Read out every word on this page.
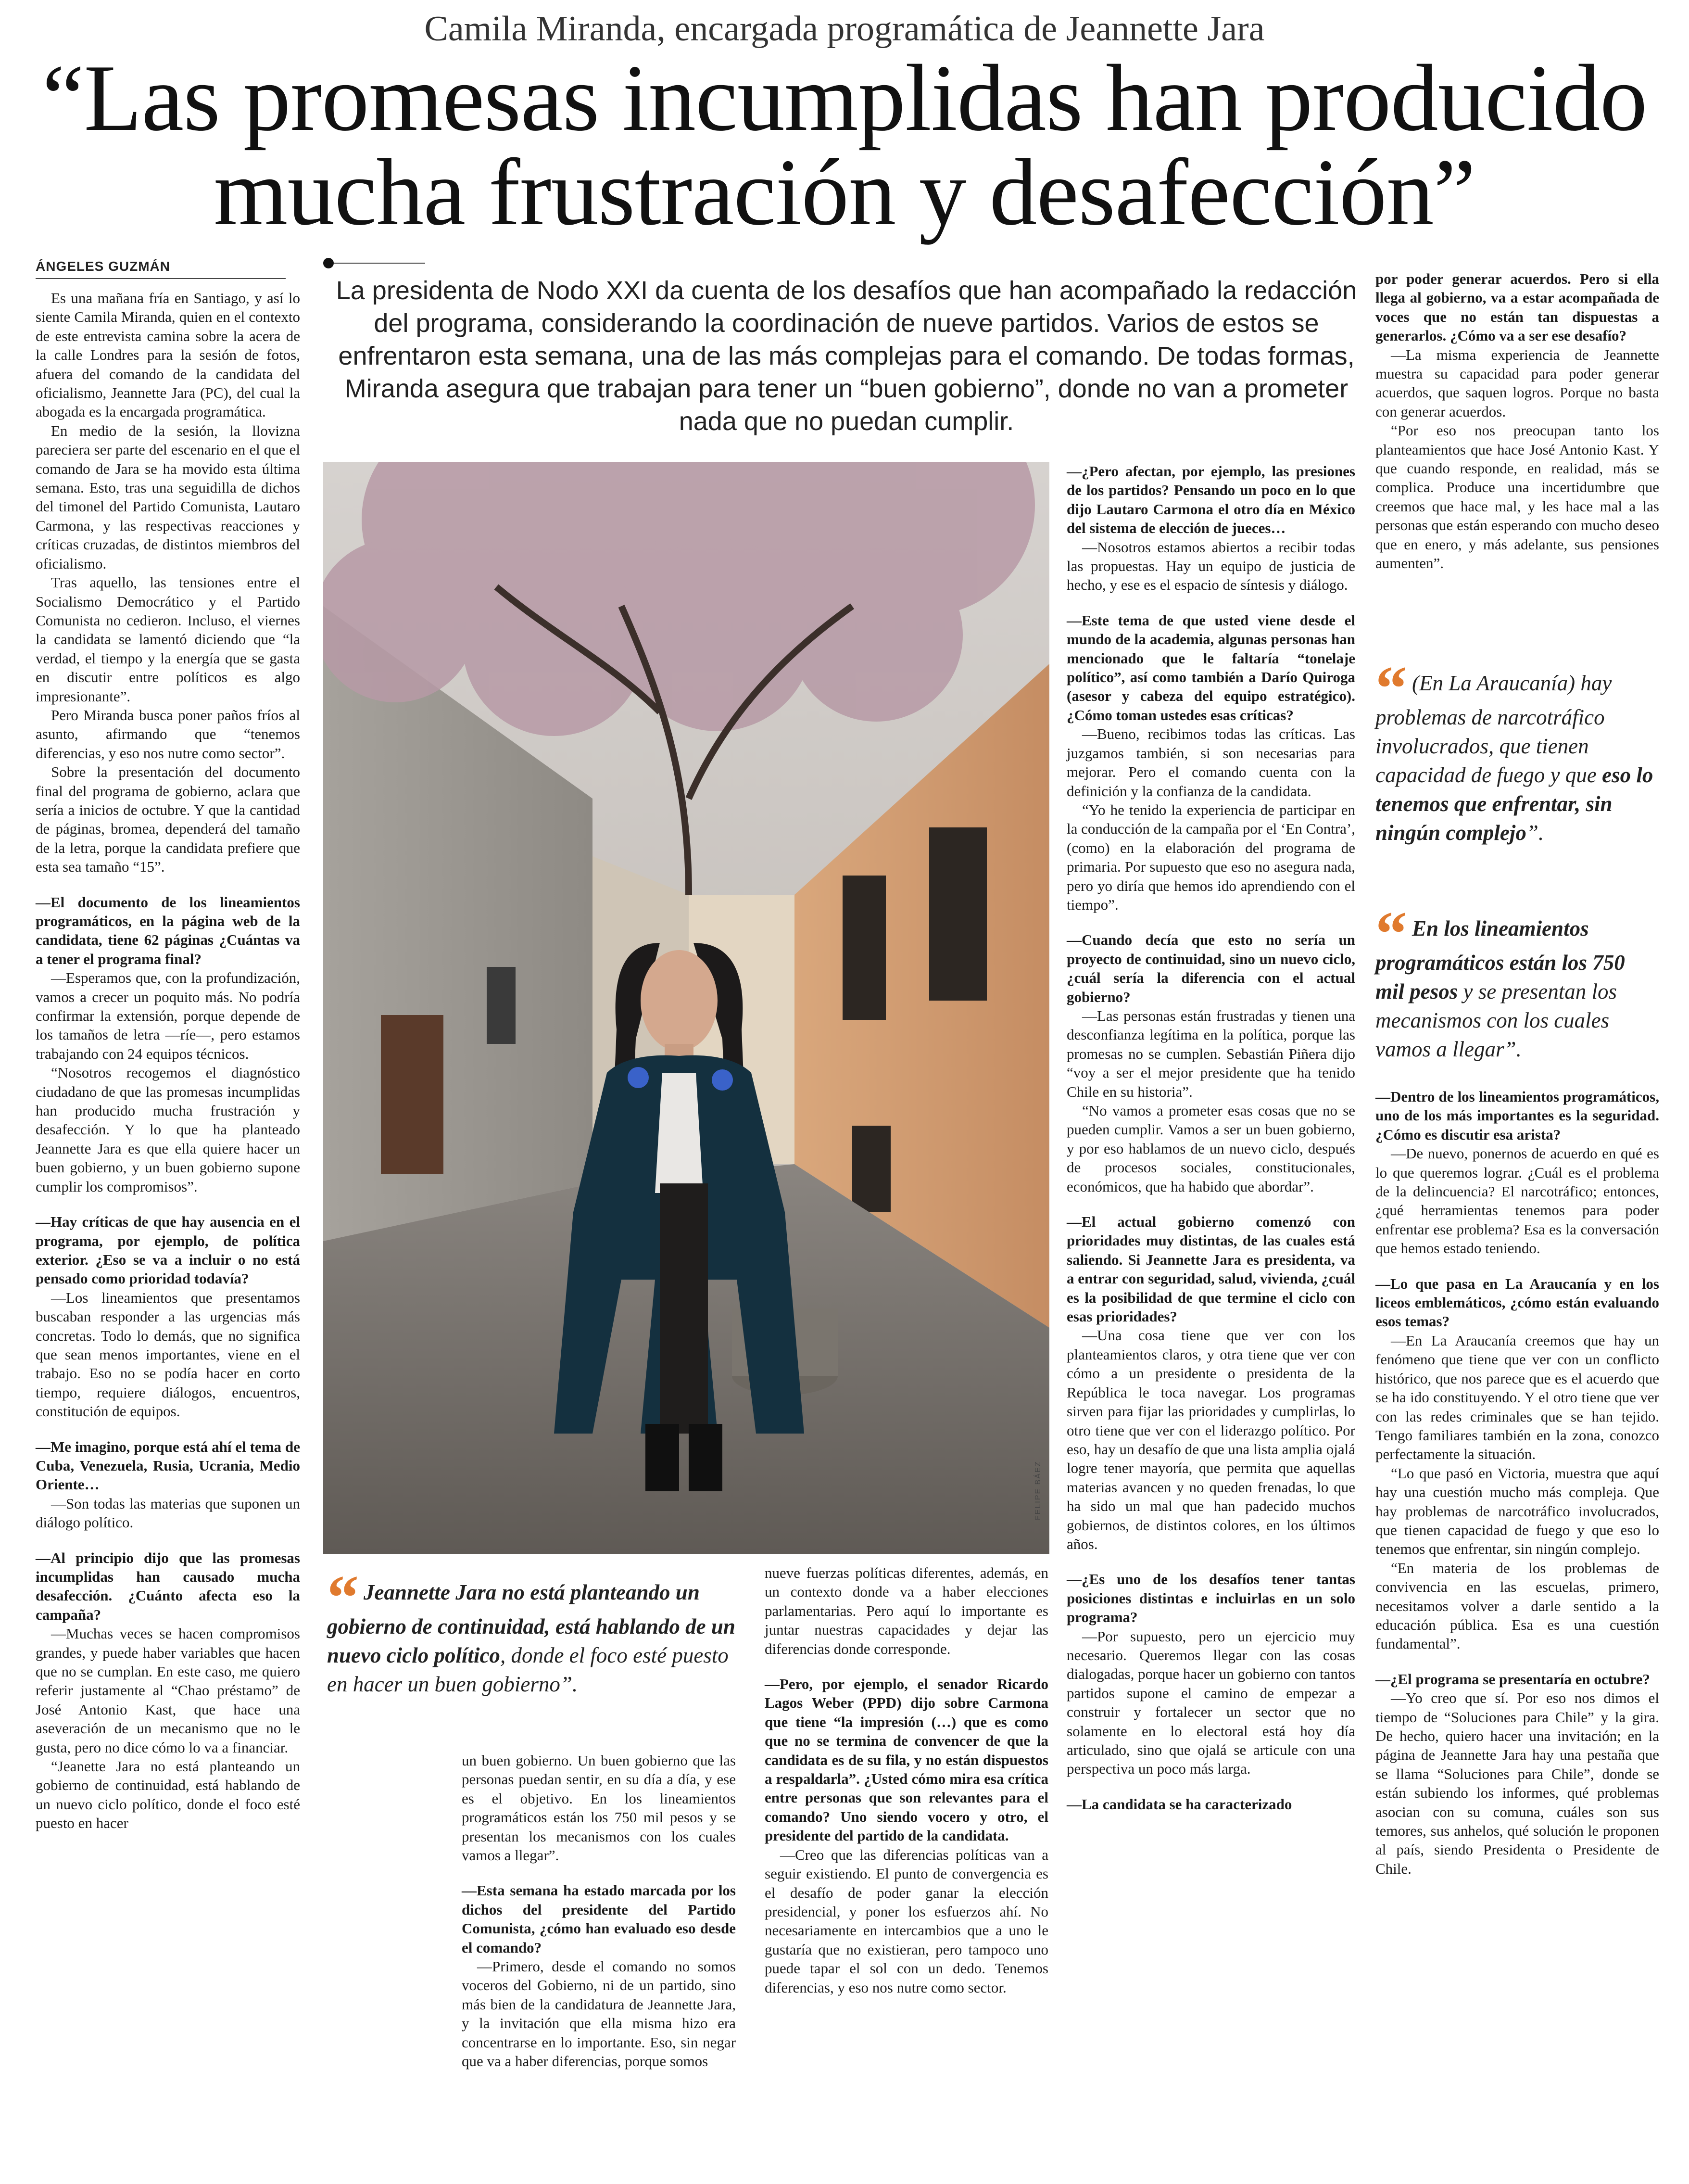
Camila Miranda, encargada programática de Jeannette Jara
“Las promesas incumplidas han producido
mucha frustración y desafección”
ÁNGELES GUZMÁN
La presidenta de Nodo XXI da cuenta de los desafíos que han acompañado la redacción del programa, considerando la coordinación de nueve partidos. Varios de estos se enfrentaron esta semana, una de las más complejas para el comando. De todas formas, Miranda asegura que trabajan para tener un “buen gobierno”, donde no van a prometer nada que no puedan cumplir.

Es una mañana fría en Santiago, y así lo siente Camila Miranda, quien en el contexto de este entrevista camina sobre la acera de la calle Londres para la sesión de fotos, afuera del comando de la candidata del oficialismo, Jeannette Jara (PC), del cual la abogada es la encargada programática.

En medio de la sesión, la llovizna pareciera ser parte del escenario en el que el comando de Jara se ha movido esta última semana. Esto, tras una seguidilla de dichos del timonel del Partido Comunista, Lautaro Carmona, y las respectivas reacciones y críticas cruzadas, de distintos miembros del oficialismo.

Tras aquello, las tensiones entre el Socialismo Democrático y el Partido Comunista no cedieron. Incluso, el viernes la candidata se lamentó diciendo que “la verdad, el tiempo y la energía que se gasta en discutir entre políticos es algo impresionante”.

Pero Miranda busca poner paños fríos al asunto, afirmando que “tenemos diferencias, y eso nos nutre como sector”.

Sobre la presentación del documento final del programa de gobierno, aclara que sería a inicios de octubre. Y que la cantidad de páginas, bromea, dependerá del tamaño de la letra, porque la candidata prefiere que esta sea tamaño “15”.

—El documento de los lineamientos programáticos, en la página web de la candidata, tiene 62 páginas ¿Cuántas va a tener el programa final?

—Esperamos que, con la profundización, vamos a crecer un poquito más. No podría confirmar la extensión, porque depende de los tamaños de letra —ríe—, pero estamos trabajando con 24 equipos técnicos.

“Nosotros recogemos el diagnóstico ciudadano de que las promesas incumplidas han producido mucha frustración y desafección. Y lo que ha planteado Jeannette Jara es que ella quiere hacer un buen gobierno, y un buen gobierno supone cumplir los compromisos”.

—Hay críticas de que hay ausencia en el programa, por ejemplo, de política exterior. ¿Eso se va a incluir o no está pensado como prioridad todavía?

—Los lineamientos que presentamos buscaban responder a las urgencias más concretas. Todo lo demás, que no significa que sean menos importantes, viene en el trabajo. Eso no se podía hacer en corto tiempo, requiere diálogos, encuentros, constitución de equipos.

—Me imagino, porque está ahí el tema de Cuba, Venezuela, Rusia, Ucrania, Medio Oriente…

—Son todas las materias que suponen un diálogo político.

—Al principio dijo que las promesas incumplidas han causado mucha desafección. ¿Cuánto afecta eso la campaña?

—Muchas veces se hacen compromisos grandes, y puede haber variables que hacen que no se cumplan. En este caso, me quiero referir justamente al “Chao préstamo” de José Antonio Kast, que hace una aseveración de un mecanismo que no le gusta, pero no dice cómo lo va a financiar.

“Jeanette Jara no está planteando un gobierno de continuidad, está hablando de un nuevo ciclo político, donde el foco esté puesto en hacer

FELIPE BÁEZ

—¿Pero afectan, por ejemplo, las presiones de los partidos? Pensando un poco en lo que dijo Lautaro Carmona el otro día en México del sistema de elección de jueces…

—Nosotros estamos abiertos a recibir todas las propuestas. Hay un equipo de justicia de hecho, y ese es el espacio de síntesis y diálogo.

—Este tema de que usted viene desde el mundo de la academia, algunas personas han mencionado que le faltaría “tonelaje político”, así como también a Darío Quiroga (asesor y cabeza del equipo estratégico). ¿Cómo toman ustedes esas críticas?

—Bueno, recibimos todas las críticas. Las juzgamos también, si son necesarias para mejorar. Pero el comando cuenta con la definición y la confianza de la candidata.

“Yo he tenido la experiencia de participar en la conducción de la campaña por el ‘En Contra’, (como) en la elaboración del programa de primaria. Por supuesto que eso no asegura nada, pero yo diría que hemos ido aprendiendo con el tiempo”.

—Cuando decía que esto no sería un proyecto de continuidad, sino un nuevo ciclo, ¿cuál sería la diferencia con el actual gobierno?

—Las personas están frustradas y tienen una desconfianza legítima en la política, porque las promesas no se cumplen. Sebastián Piñera dijo “voy a ser el mejor presidente que ha tenido Chile en su historia”.

“No vamos a prometer esas cosas que no se pueden cumplir. Vamos a ser un buen gobierno, y por eso hablamos de un nuevo ciclo, después de procesos sociales, constitucionales, económicos, que ha habido que abordar”.

—El actual gobierno comenzó con prioridades muy distintas, de las cuales está saliendo. Si Jeannette Jara es presidenta, va a entrar con seguridad, salud, vivienda, ¿cuál es la posibilidad de que termine el ciclo con esas prioridades?

—Una cosa tiene que ver con los planteamientos claros, y otra tiene que ver con cómo a un presidente o presidenta de la República le toca navegar. Los programas sirven para fijar las prioridades y cumplirlas, lo otro tiene que ver con el liderazgo político. Por eso, hay un desafío de que una lista amplia ojalá logre tener mayoría, que permita que aquellas materias avancen y no queden frenadas, lo que ha sido un mal que han padecido muchos gobiernos, de distintos colores, en los últimos años.

—¿Es uno de los desafíos tener tantas posiciones distintas e incluirlas en un solo programa?

—Por supuesto, pero un ejercicio muy necesario. Queremos llegar con las cosas dialogadas, porque hacer un gobierno con tantos partidos supone el camino de empezar a construir y fortalecer un sector que no solamente en lo electoral está hoy día articulado, sino que ojalá se articule con una perspectiva un poco más larga.

—La candidata se ha caracterizado

por poder generar acuerdos. Pero si ella llega al gobierno, va a estar acompañada de voces que no están tan dispuestas a generarlos. ¿Cómo va a ser ese desafío?

—La misma experiencia de Jeannette muestra su capacidad para poder generar acuerdos, que saquen logros. Porque no basta con generar acuerdos.

“Por eso nos preocupan tanto los planteamientos que hace José Antonio Kast. Y que cuando responde, en realidad, más se complica. Produce una incertidumbre que creemos que hace mal, y les hace mal a las personas que están esperando con mucho deseo que en enero, y más adelante, sus pensiones aumenten”.

“ (En La Araucanía) hay problemas de narcotráfico involucrados, que tienen capacidad de fuego y que eso lo tenemos que enfrentar, sin ningún complejo”.
“ En los lineamientos programáticos están los 750 mil pesos y se presentan los mecanismos con los cuales vamos a llegar”.

—Dentro de los lineamientos programáticos, uno de los más importantes es la seguridad. ¿Cómo es discutir esa arista?

—De nuevo, ponernos de acuerdo en qué es lo que queremos lograr. ¿Cuál es el problema de la delincuencia? El narcotráfico; entonces, ¿qué herramientas tenemos para poder enfrentar ese problema? Esa es la conversación que hemos estado teniendo.

—Lo que pasa en La Araucanía y en los liceos emblemáticos, ¿cómo están evaluando esos temas?

—En La Araucanía creemos que hay un fenómeno que tiene que ver con un conflicto histórico, que nos parece que es el acuerdo que se ha ido constituyendo. Y el otro tiene que ver con las redes criminales que se han tejido. Tengo familiares también en la zona, conozco perfectamente la situación.

“Lo que pasó en Victoria, muestra que aquí hay una cuestión mucho más compleja. Que hay problemas de narcotráfico involucrados, que tienen capacidad de fuego y que eso lo tenemos que enfrentar, sin ningún complejo.

“En materia de los problemas de convivencia en las escuelas, primero, necesitamos volver a darle sentido a la educación pública. Esa es una cuestión fundamental”.

—¿El programa se presentaría en octubre?

—Yo creo que sí. Por eso nos dimos el tiempo de “Soluciones para Chile” y la gira. De hecho, quiero hacer una invitación; en la página de Jeannette Jara hay una pestaña que se llama “Soluciones para Chile”, donde se están subiendo los informes, qué problemas asocian con su comuna, cuáles son sus temores, sus anhelos, qué solución le proponen al país, siendo Presidenta o Presidente de Chile.

“ Jeannette Jara no está planteando un gobierno de continuidad, está hablando de un nuevo ciclo político, donde el foco esté puesto en hacer un buen gobierno”.

un buen gobierno. Un buen gobierno que las personas puedan sentir, en su día a día, y ese es el objetivo. En los lineamientos programáticos están los 750 mil pesos y se presentan los mecanismos con los cuales vamos a llegar”.

—Esta semana ha estado marcada por los dichos del presidente del Partido Comunista, ¿cómo han evaluado eso desde el comando?

—Primero, desde el comando no somos voceros del Gobierno, ni de un partido, sino más bien de la candidatura de Jeannette Jara, y la invitación que ella misma hizo era concentrarse en lo importante. Eso, sin negar que va a haber diferencias, porque somos

nueve fuerzas políticas diferentes, además, en un contexto donde va a haber elecciones parlamentarias. Pero aquí lo importante es juntar nuestras capacidades y dejar las diferencias donde corresponde.

—Pero, por ejemplo, el senador Ricardo Lagos Weber (PPD) dijo sobre Carmona que tiene “la impresión (…) que es como que no se termina de convencer de que la candidata es de su fila, y no están dispuestos a respaldarla”. ¿Usted cómo mira esa crítica entre personas que son relevantes para el comando? Uno siendo vocero y otro, el presidente del partido de la candidata.

—Creo que las diferencias políticas van a seguir existiendo. El punto de convergencia es el desafío de poder ganar la elección presidencial, y poner los esfuerzos ahí. No necesariamente en intercambios que a uno le gustaría que no existieran, pero tampoco uno puede tapar el sol con un dedo. Tenemos diferencias, y eso nos nutre como sector.
